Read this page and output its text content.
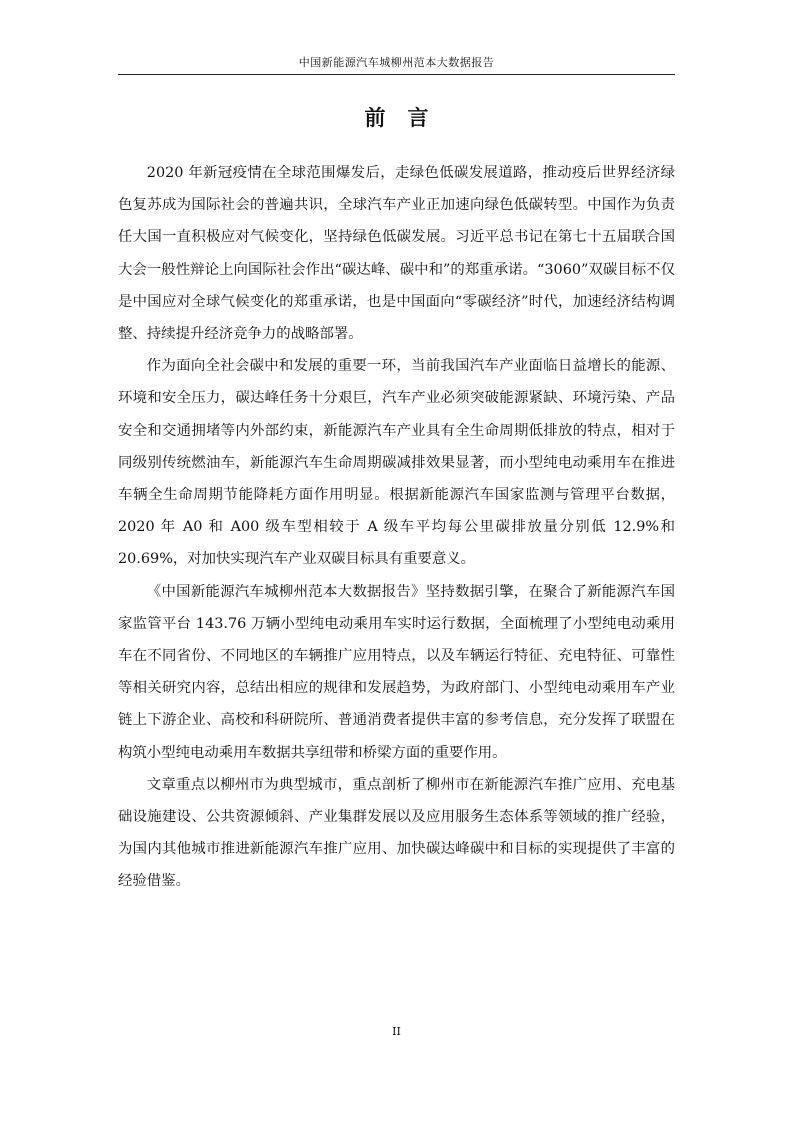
中国新能源汽车城柳州范本大数据报告
前言

2020 年新冠疫情在全球范围爆发后，走绿色低碳发展道路，推动疫后世界经济绿色复苏成为国际社会的普遍共识，全球汽车产业正加速向绿色低碳转型。中国作为负责任大国一直积极应对气候变化，坚持绿色低碳发展。习近平总书记在第七十五届联合国大会一般性辩论上向国际社会作出“碳达峰、碳中和”的郑重承诺。“3060”双碳目标不仅是中国应对全球气候变化的郑重承诺，也是中国面向“零碳经济”时代，加速经济结构调整、持续提升经济竞争力的战略部署。

作为面向全社会碳中和发展的重要一环，当前我国汽车产业面临日益增长的能源、环境和安全压力，碳达峰任务十分艰巨，汽车产业必须突破能源紧缺、环境污染、产品安全和交通拥堵等内外部约束，新能源汽车产业具有全生命周期低排放的特点，相对于同级别传统燃油车，新能源汽车生命周期碳减排效果显著，而小型纯电动乘用车在推进车辆全生命周期节能降耗方面作用明显。根据新能源汽车国家监测与管理平台数据，2020 年 A0 和 A00 级车型相较于 A 级车平均每公里碳排放量分别低 12.9%和 20.69%，对加快实现汽车产业双碳目标具有重要意义。

《中国新能源汽车城柳州范本大数据报告》坚持数据引擎，在聚合了新能源汽车国家监管平台 143.76 万辆小型纯电动乘用车实时运行数据，全面梳理了小型纯电动乘用车在不同省份、不同地区的车辆推广应用特点，以及车辆运行特征、充电特征、可靠性等相关研究内容，总结出相应的规律和发展趋势，为政府部门、小型纯电动乘用车产业链上下游企业、高校和科研院所、普通消费者提供丰富的参考信息，充分发挥了联盟在构筑小型纯电动乘用车数据共享纽带和桥梁方面的重要作用。

文章重点以柳州市为典型城市，重点剖析了柳州市在新能源汽车推广应用、充电基础设施建设、公共资源倾斜、产业集群发展以及应用服务生态体系等领域的推广经验，为国内其他城市推进新能源汽车推广应用、加快碳达峰碳中和目标的实现提供了丰富的经验借鉴。

II
